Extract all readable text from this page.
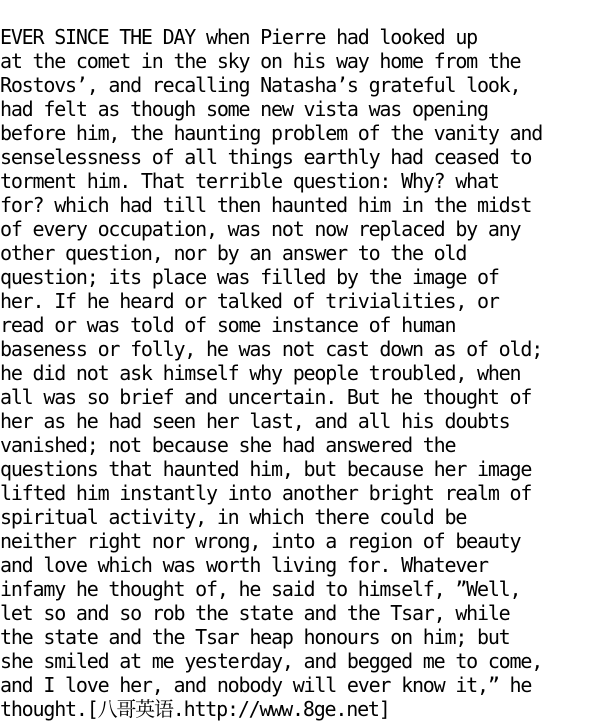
EVER SINCE THE DAY when Pierre had looked up
at the comet in the sky on his way home from the
Rostovs’, and recalling Natasha’s grateful look,
had felt as though some new vista was opening
before him, the haunting problem of the vanity and
senselessness of all things earthly had ceased to
torment him. That terrible question: Why? what
for? which had till then haunted him in the midst
of every occupation, was not now replaced by any
other question, nor by an answer to the old
question; its place was filled by the image of
her. If he heard or talked of trivialities, or
read or was told of some instance of human
baseness or folly, he was not cast down as of old;
he did not ask himself why people troubled, when
all was so brief and uncertain. But he thought of
her as he had seen her last, and all his doubts
vanished; not because she had answered the
questions that haunted him, but because her image
lifted him instantly into another bright realm of
spiritual activity, in which there could be
neither right nor wrong, into a region of beauty
and love which was worth living for. Whatever
infamy he thought of, he said to himself, ”Well,
let so and so rob the state and the Tsar, while
the state and the Tsar heap honours on him; but
she smiled at me yesterday, and begged me to come,
and I love her, and nobody will ever know it,” he
thought.[八哥英语.http://www.8ge.net]
